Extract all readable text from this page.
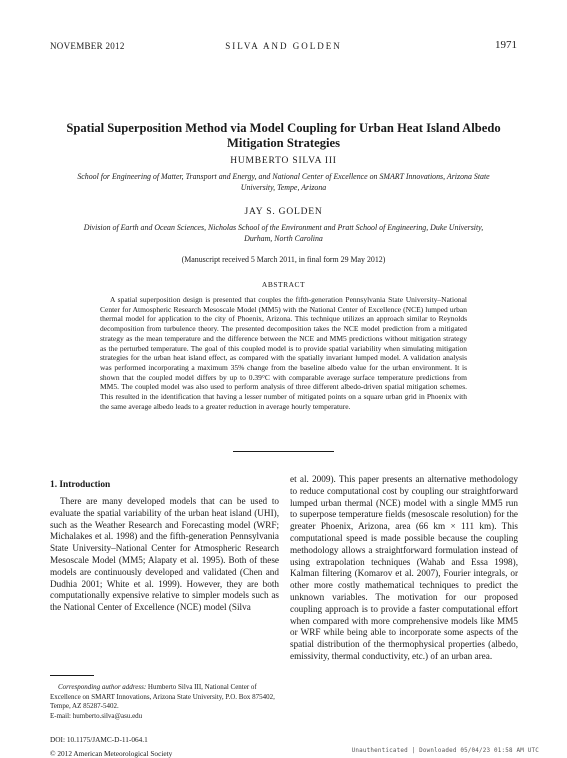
NOVEMBER 2012	SILVA AND GOLDEN	1971
Spatial Superposition Method via Model Coupling for Urban Heat Island Albedo Mitigation Strategies
HUMBERTO SILVA III
School for Engineering of Matter, Transport and Energy, and National Center of Excellence on SMART Innovations, Arizona State University, Tempe, Arizona
JAY S. GOLDEN
Division of Earth and Ocean Sciences, Nicholas School of the Environment and Pratt School of Engineering, Duke University, Durham, North Carolina
(Manuscript received 5 March 2011, in final form 29 May 2012)
ABSTRACT
A spatial superposition design is presented that couples the fifth-generation Pennsylvania State University–National Center for Atmospheric Research Mesoscale Model (MM5) with the National Center of Excellence (NCE) lumped urban thermal model for application to the city of Phoenix, Arizona. This technique utilizes an approach similar to Reynolds decomposition from turbulence theory. The presented decomposition takes the NCE model prediction from a mitigated strategy as the mean temperature and the difference between the NCE and MM5 predictions without mitigation strategy as the perturbed temperature. The goal of this coupled model is to provide spatial variability when simulating mitigation strategies for the urban heat island effect, as compared with the spatially invariant lumped model. A validation analysis was performed incorporating a maximum 35% change from the baseline albedo value for the urban environment. It is shown that the coupled model differs by up to 0.39°C with comparable average surface temperature predictions from MM5. The coupled model was also used to perform analysis of three different albedo-driven spatial mitigation schemes. This resulted in the identification that having a lesser number of mitigated points on a square urban grid in Phoenix with the same average albedo leads to a greater reduction in average hourly temperature.
1. Introduction
There are many developed models that can be used to evaluate the spatial variability of the urban heat island (UHI), such as the Weather Research and Forecasting model (WRF; Michalakes et al. 1998) and the fifth-generation Pennsylvania State University–National Center for Atmospheric Research Mesoscale Model (MM5; Alapaty et al. 1995). Both of these models are continuously developed and validated (Chen and Dudhia 2001; White et al. 1999). However, they are both computationally expensive relative to simpler models such as the National Center of Excellence (NCE) model (Silva
et al. 2009). This paper presents an alternative methodology to reduce computational cost by coupling our straightforward lumped urban thermal (NCE) model with a single MM5 run to superpose temperature fields (mesoscale resolution) for the greater Phoenix, Arizona, area (66 km × 111 km). This computational speed is made possible because the coupling methodology allows a straightforward formulation instead of using extrapolation techniques (Wahab and Essa 1998), Kalman filtering (Komarov et al. 2007), Fourier integrals, or other more costly mathematical techniques to predict the unknown variables. The motivation for our proposed coupling approach is to provide a faster computational effort when compared with more comprehensive models like MM5 or WRF while being able to incorporate some aspects of the spatial distribution of the thermophysical properties (albedo, emissivity, thermal conductivity, etc.) of an urban area.
Corresponding author address: Humberto Silva III, National Center of Excellence on SMART Innovations, Arizona State University, P.O. Box 875402, Tempe, AZ 85287-5402.
E-mail: humberto.silva@asu.edu
DOI: 10.1175/JAMC-D-11-064.1
© 2012 American Meteorological Society	Unauthenticated | Downloaded 05/04/23 01:58 AM UTC
